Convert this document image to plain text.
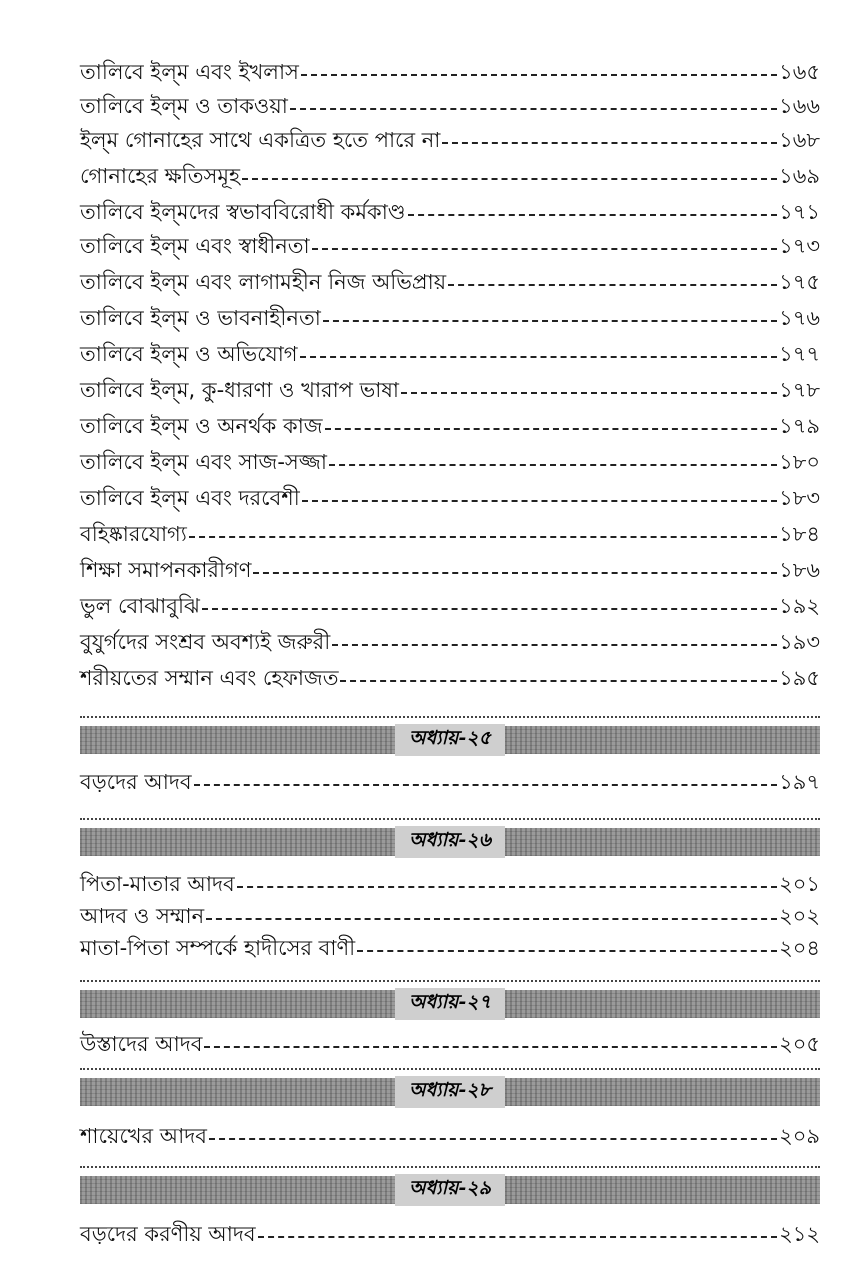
তালিবে ইল্‌ম এবং ইখলাস	১৬৫
তালিবে ইল্‌ম ও তাকওয়া	১৬৬
ইল্‌ম গোনাহের সাথে একত্রিত হতে পারে না	১৬৮
গোনাহের ক্ষতিসমূহ	১৬৯
তালিবে ইল্‌মদের স্বভাববিরোধী কর্মকাণ্ড	১৭১
তালিবে ইল্‌ম এবং স্বাধীনতা	১৭৩
তালিবে ইল্‌ম এবং লাগামহীন নিজ অভিপ্রায়	১৭৫
তালিবে ইল্‌ম ও ভাবনাহীনতা	১৭৬
তালিবে ইল্‌ম ও অভিযোগ	১৭৭
তালিবে ইল্‌ম, কু-ধারণা ও খারাপ ভাষা	১৭৮
তালিবে ইল্‌ম ও অনর্থক কাজ	১৭৯
তালিবে ইল্‌ম এবং সাজ-সজ্জা	১৮০
তালিবে ইল্‌ম এবং দরবেশী	১৮৩
বহিষ্কারযোগ্য	১৮৪
শিক্ষা সমাপনকারীগণ	১৮৬
ভুল বোঝাবুঝি	১৯২
বুযুর্গদের সংশ্রব অবশ্যই জরুরী	১৯৩
শরীয়তের সম্মান এবং হেফাজত	১৯৫
অধ্যায়-২৫
বড়দের আদব	১৯৭
অধ্যায়-২৬
পিতা-মাতার আদব	২০১
আদব ও সম্মান	২০২
মাতা-পিতা সম্পর্কে হাদীসের বাণী	২০৪
অধ্যায়-২৭
উস্তাদের আদব	২০৫
অধ্যায়-২৮
শায়েখের আদব	২০৯
অধ্যায়-২৯
বড়দের করণীয় আদব	২১২
